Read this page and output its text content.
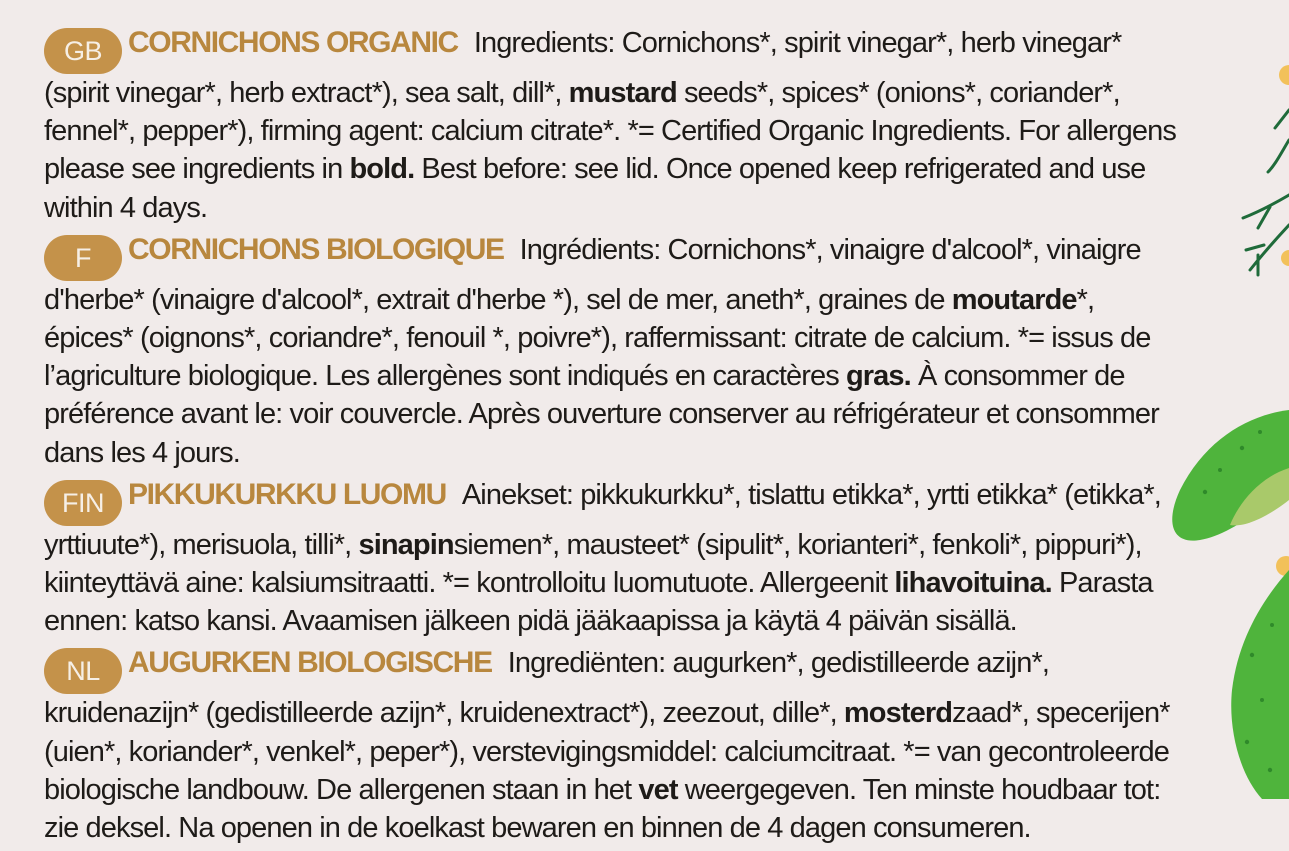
GB CORNICHONS ORGANIC Ingredients: Cornichons*, spirit vinegar*, herb vinegar* (spirit vinegar*, herb extract*), sea salt, dill*, mustard seeds*, spices* (onions*, coriander*, fennel*, pepper*), firming agent: calcium citrate*. *= Certified Organic Ingredients. For allergens please see ingredients in bold. Best before: see lid. Once opened keep refrigerated and use within 4 days.

F CORNICHONS BIOLOGIQUE Ingrédients: Cornichons*, vinaigre d'alcool*, vinaigre d'herbe* (vinaigre d'alcool*, extrait d'herbe *), sel de mer, aneth*, graines de moutarde*, épices* (oignons*, coriandre*, fenouil *, poivre*), raffermissant: citrate de calcium. *= issus de l’agriculture biologique. Les allergènes sont indiqués en caractères gras. À consommer de préférence avant le: voir couvercle. Après ouverture conserver au réfrigérateur et consommer dans les 4 jours.

FIN PIKKUKURKKU LUOMU Ainekset: pikkukurkku*, tislattu etikka*, yrtti etikka* (etikka*, yrttiuute*), merisuola, tilli*, sinapinsiemen*, mausteet* (sipulit*, korianteri*, fenkoli*, pippuri*), kiinteyttävä aine: kalsiumsitraatti. *= kontrolloitu luomutuote. Allergeenit lihavoituina. Parasta ennen: katso kansi. Avaamisen jälkeen pidä jääkaapissa ja käytä 4 päivän sisällä.

NL AUGURKEN BIOLOGISCHE Ingrediënten: augurken*, gedistilleerde azijn*, kruidenazijn* (gedistilleerde azijn*, kruidenextract*), zeezout, dille*, mosterdzaad*, specerijen* (uien*, koriander*, venkel*, peper*), verstevigingsmiddel: calciumcitraat. *= van gecontroleerde biologische landbouw. De allergenen staan in het vet weergegeven. Ten minste houdbaar tot: zie deksel. Na openen in de koelkast bewaren en binnen de 4 dagen consumeren.
